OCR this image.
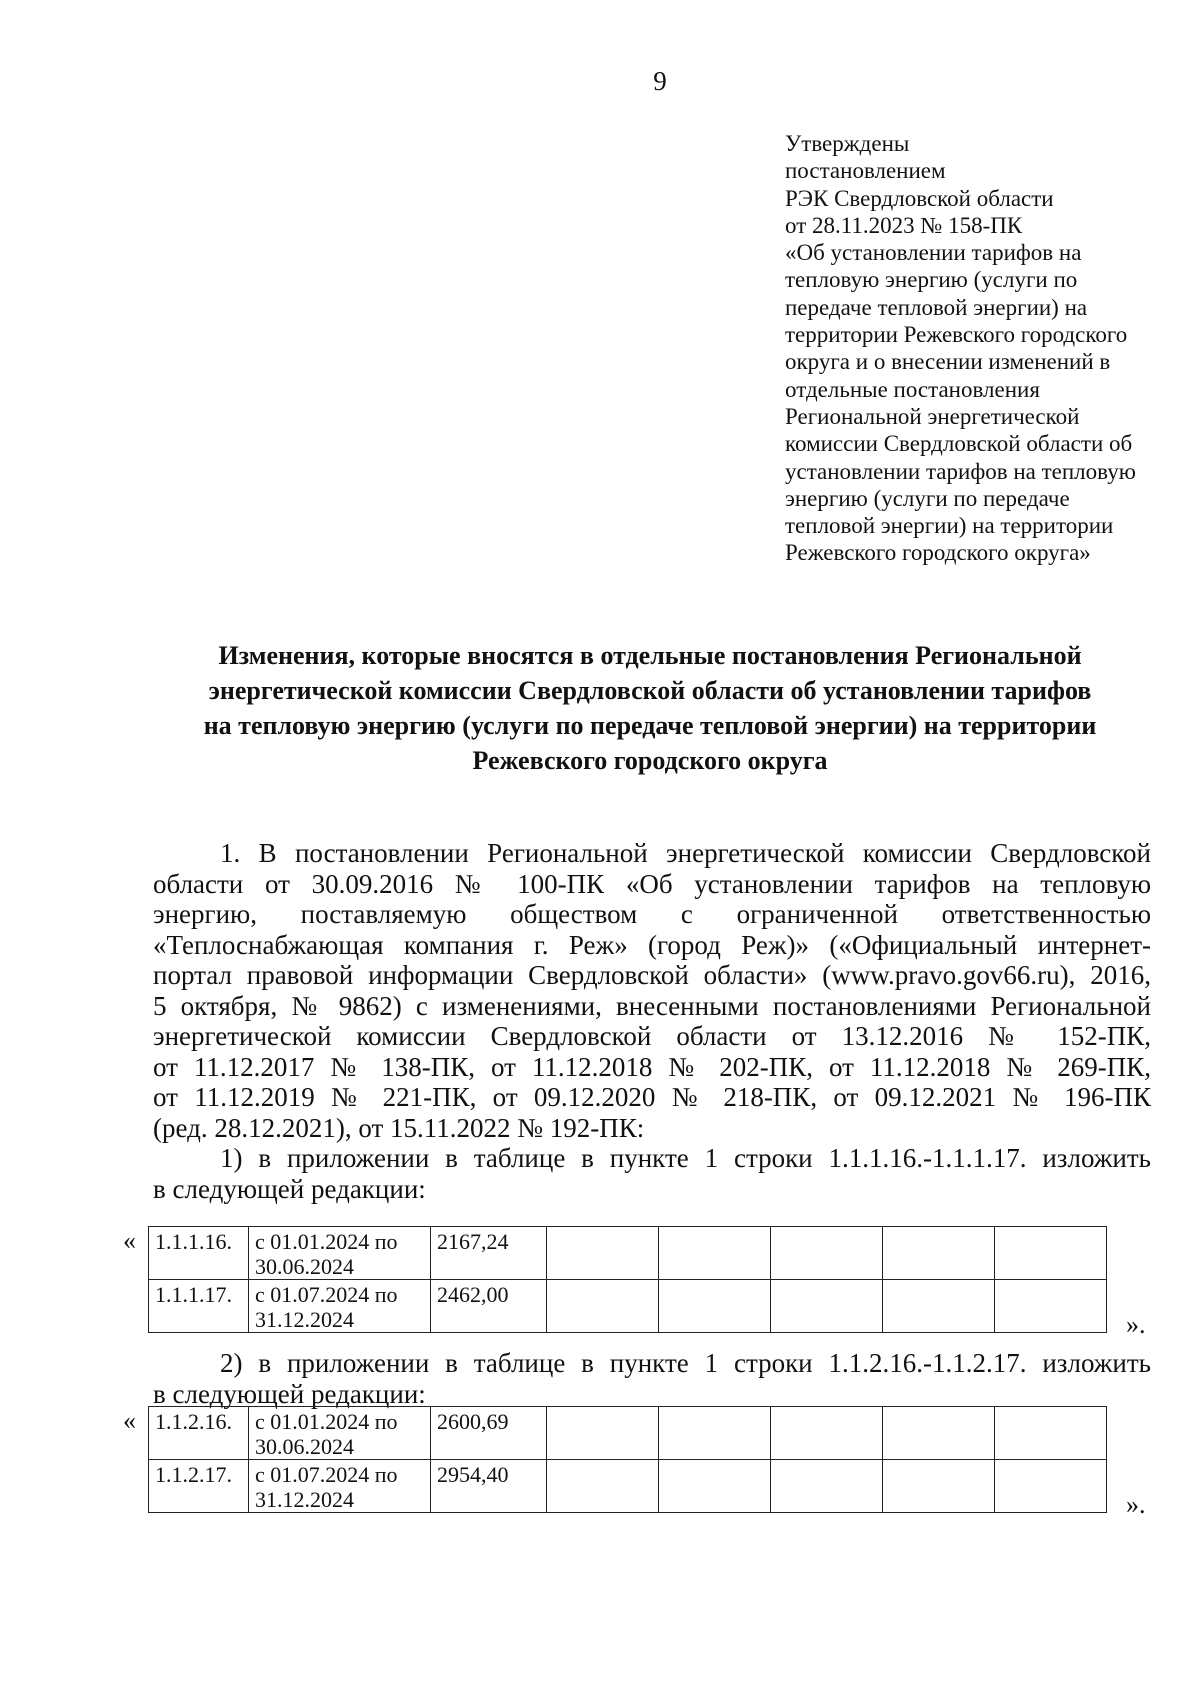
9
Утверждены
постановлением
РЭК Свердловской области
от 28.11.2023 № 158-ПК
«Об установлении тарифов на
тепловую энергию (услуги по
передаче тепловой энергии) на
территории Режевского городского
округа и о внесении изменений в
отдельные постановления
Региональной энергетической
комиссии Свердловской области об
установлении тарифов на тепловую
энергию (услуги по передаче
тепловой энергии) на территории
Режевского городского округа»
Изменения, которые вносятся в отдельные постановления Региональной
энергетической комиссии Свердловской области об установлении тарифов
на тепловую энергию (услуги по передаче тепловой энергии) на территории
Режевского городского округа
1. В постановлении Региональной энергетической комиссии Свердловской
области от 30.09.2016 № 100-ПК «Об установлении тарифов на тепловую
энергию, поставляемую обществом с ограниченной ответственностью
«Теплоснабжающая компания г. Реж» (город Реж)» («Официальный интернет-
портал правовой информации Свердловской области» (www.pravo.gov66.ru), 2016,
5 октября, № 9862) с изменениями, внесенными постановлениями Региональной
энергетической комиссии Свердловской области от 13.12.2016 № 152-ПК,
от 11.12.2017 № 138-ПК, от 11.12.2018 № 202-ПК, от 11.12.2018 № 269-ПК,
от 11.12.2019 № 221-ПК, от 09.12.2020 № 218-ПК, от 09.12.2021 № 196-ПК
(ред. 28.12.2021), от 15.11.2022 № 192-ПК:
1) в приложении в таблице в пункте 1 строки 1.1.1.16.-1.1.1.17. изложить
в следующей редакции:
« 1.1.1.16.	с 01.01.2024 по
30.06.2024	2167,24					
1.1.1.17.	с 01.07.2024 по
31.12.2024	2462,00					
».
2) в приложении в таблице в пункте 1 строки 1.1.2.16.-1.1.2.17. изложить
в следующей редакции:
« 1.1.2.16.	с 01.01.2024 по
30.06.2024	2600,69					
1.1.2.17.	с 01.07.2024 по
31.12.2024	2954,40					
».
